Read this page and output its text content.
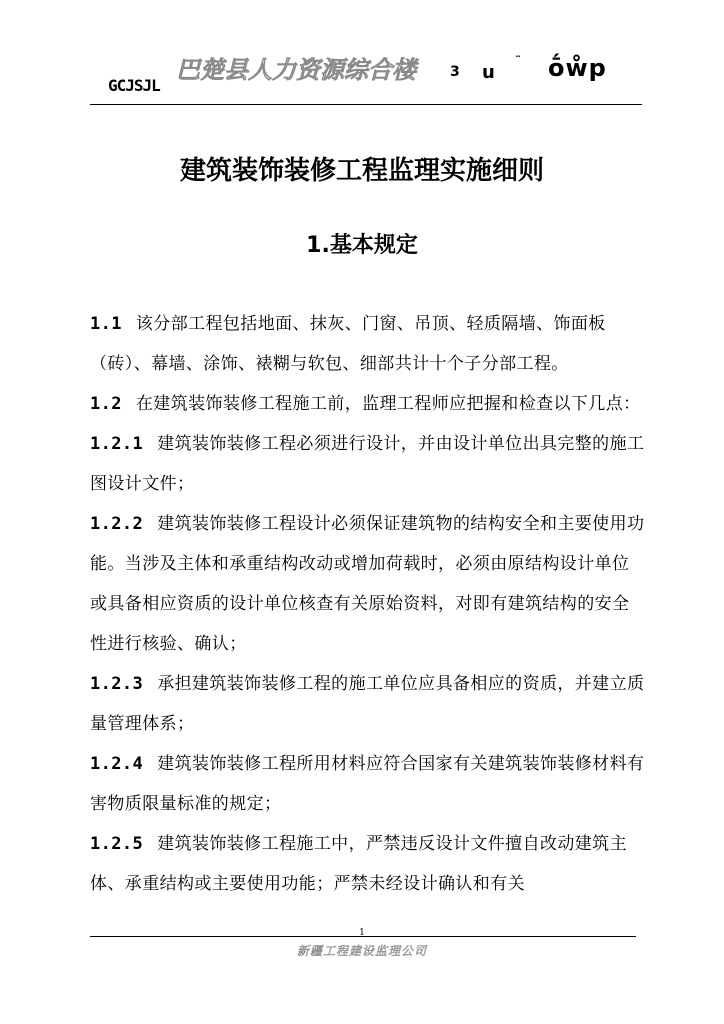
GCJSJL
巴楚县人力资源综合楼 3 u
¨ ṓẘp
建筑装饰装修工程监理实施细则
1.基本规定

1.1 该分部工程包括地面、抹灰、门窗、吊顶、轻质隔墙、饰面板（砖）、幕墙、涂饰、裱糊与软包、细部共计十个子分部工程。

1.2 在建筑装饰装修工程施工前，监理工程师应把握和检查以下几点：

1.2.1 建筑装饰装修工程必须进行设计，并由设计单位出具完整的施工图设计文件；

1.2.2 建筑装饰装修工程设计必须保证建筑物的结构安全和主要使用功能。当涉及主体和承重结构改动或增加荷载时，必须由原结构设计单位或具备相应资质的设计单位核查有关原始资料，对即有建筑结构的安全性进行核验、确认；

1.2.3 承担建筑装饰装修工程的施工单位应具备相应的资质，并建立质量管理体系；

1.2.4 建筑装饰装修工程所用材料应符合国家有关建筑装饰装修材料有害物质限量标准的规定；

1.2.5 建筑装饰装修工程施工中，严禁违反设计文件擅自改动建筑主体、承重结构或主要使用功能；严禁未经设计确认和有关

1
新疆工程建设监理公司
